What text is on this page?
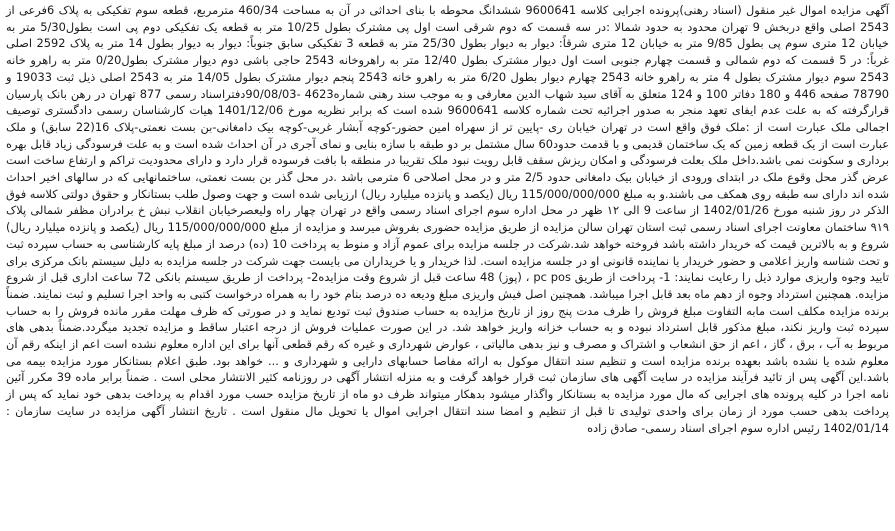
آگهی مزایده اموال غیر منقول (اسناد رهنی)پرونده اجرایی کلاسه 9600641 ششدانگ محوطه با بنای احداثی در آن به مساحت 460/34 مترمربع، قطعه سوم تفکیکی به پلاک 6فرعی از 2543 اصلی واقع دربخش 9 تهران محدود به حدود شمالا :در سه قسمت که دوم شرقی است اول پی مشترک بطول 10/25 متر به قطعه یک تفکیکی دوم پی است بطول5/30 متر به خیابان 12 متری سوم پی بطول 9/85 متر به خیابان 12 متری شرقاً: دیوار به دیوار بطول 25/30 متر به قطعه 3 تفکیکی سابق جنوباً: دیوار به دیوار بطول 14 متر به پلاک 2592 اصلی غرباً: در 5 قسمت که دوم شمالی و قسمت چهارم جنوبی است اول دیوار مشترک بطول 12/40 متر به راهروخانه 2543 حاجی باشی دوم دیوار مشترک بطول0/20 متر به راهرو خانه 2543 سوم دیوار مشترک بطول 4 متر به راهرو خانه 2543 چهارم دیوار بطول 6/20 متر به راهرو خانه 2543 پنجم دیوار مشترک بطول 14/05 متر به 2543 اصلی ذیل ثبت 19033 و 78790 صفحه 446 و 180 دفاتر 100 و 124 متعلق به آقای سید شهاب الدین معارفی و به موجب سند رهنی شماره4623 -90/08/03دفتراسناد رسمی 877 تهران در رهن بانک پارسیان قرارگرفته که به علت عدم ایفای تعهد منجر به صدور اجرائیه تحت شماره کلاسه 9600641 شده است که برابر نظریه مورخ 1401/12/06 هیات کارشناسان رسمی دادگستری توصیف اجمالی ملک عبارت است از :ملک فوق واقع است در تهران خیابان ری -پایین تر از سهراه امین حضور-کوچه آبشار غربی-کوچه بیک دامغانی-بن بست نعمتی-پلاک 16(22 سابق) و ملک عبارت است از یک قطعه زمین که یک ساختمان قدیمی و با قدمت حدود60 سال مشتمل بر دو طبقه با سازه بنایی و نمای آجری در آن احداث شده است و به علت فرسودگی زیاد قابل بهره برداری و سکونت نمی باشد.داخل ملک بعلت فرسودگی و امکان ریزش سقف قابل رویت نبود ملک تقریبا در منطقه با بافت فرسوده قرار دارد و دارای محدودیت تراکم و ارتفاع ساخت است عرض گذر محل وقوع ملک در ابتدای ورودی از خیابان بیک دامغانی حدود 2/5 متر و در محل اصلاحی 6 مترمی باشد .در محل گذر بن بست نعمتی، ساختمانهایی که در سالهای اخیر احداث شده اند دارای سه طبقه روی همکف می باشند.و به مبلغ 115/000/000/000 ریال (یکصد و پانزده میلیارد ریال) ارزیابی شده است و جهت وصول طلب بستانکار و حقوق دولتی کلاسه فوق الذکر در روز شنبه مورخ 1402/01/26 از ساعت 9 الی ۱۲ ظهر در محل اداره سوم اجرای اسناد رسمی واقع در تهران چهار راه ولیعصرخیابان انقلاب نبش خ برادران مظفر شمالی پلاک ۹۱۹ ساختمان معاونت اجرای اسناد رسمی ثبت استان تهران سالن مزایده از طریق مزایده حضوری بفروش میرسد و مزایده از مبلغ 115/000/000/000 ریال (یکصد و پانزده میلیارد ریال) شروع و به بالاترین قیمت که خریدار داشته باشد فروخته خواهد شد.شرکت در جلسه مزایده برای عموم آزاد و منوط به پرداخت 10 (ده) درصد از مبلغ پایه کارشناسی به حساب سپرده ثبت و تحت شناسه واریز اعلامی و حضور خریدار یا نماینده قانونی او در جلسه مزایده است. لذا خریدار و یا خریداران می بایست جهت شرکت در جلسه مزایده به دلیل سیستم بانک مرکزی برای تایید وجوه واریزی موارد ذیل را رعایت نمایند: 1- پرداخت از طریق pc pos ، (پوز) 48 ساعت قبل از شروع وقت مزایده2- پرداخت از طریق سیستم بانکی 72 ساعت اداری قبل از شروع مزایده. همچنین استرداد وجوه از دهم ماه بعد قابل اجرا میباشد. همچنین اصل فیش واریزی مبلغ ودیعه ده درصد بنام خود را به همراه درخواست کتبی به واحد اجرا تسلیم و ثبت نمایند. ضمناً برنده مزایده مکلف است مابه التفاوت مبلغ فروش را ظرف مدت پنج روز از تاریخ مزایده به حساب صندوق ثبت تودیع نماید و در صورتی که ظرف مهلت مقرر مانده فروش را به حساب سپرده ثبت واریز نکند، مبلغ مذکور قابل استرداد نبوده و به حساب خزانه واریز خواهد شد. در این صورت عملیات فروش از درجه اعتبار ساقط و مزایده تجدید میگردد.ضمناً بدهی های مربوط به آب ، برق ، گاز ، اعم از حق انشعاب و اشتراک و مصرف و نیز بدهی مالیاتی ، عوارض شهرداری و غیره که رقم قطعی آنها برای این اداره معلوم نشده است اعم از اینکه رقم آن معلوم شده یا نشده باشد بعهده برنده مزایده است و تنظیم سند انتقال موکول به ارائه مفاصا حسابهای دارایی و شهرداری و ... خواهد بود. طبق اعلام بستانکار مورد مزایده بیمه می باشد.این آگهی پس از تائید فرآیند مزایده در سایت آگهی های سازمان ثبت قرار خواهد گرفت و به منزله انتشار آگهی در روزنامه کثیر الانتشار محلی است . ضمناً برابر ماده 39 مکرر آئین نامه اجرا در کلیه پرونده های اجرایی که مال مورد مزایده به بستانکار واگذار میشود بدهکار میتواند ظرف دو ماه از تاریخ مزایده حسب مورد اقدام به پرداخت بدهی خود نماید که پس از پرداخت بدهی حسب مورد از زمان برای واحدی تولیدی تا قبل از تنظیم و امضا سند انتقال اجرایی اموال یا تحویل مال منقول است . تاریخ انتشار آگهی مزایده در سایت سازمان : 1402/01/14 رئیس اداره سوم اجرای اسناد رسمی- صادق زاده
